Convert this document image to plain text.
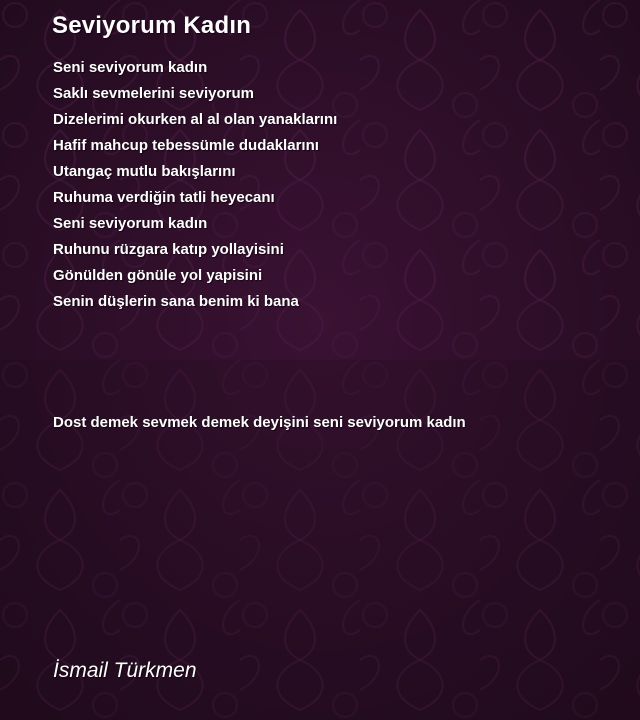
Seviyorum Kadın
Seni seviyorum kadın
Saklı sevmelerini seviyorum
Dizelerimi okurken al al olan yanaklarını
Hafif mahcup tebessümle dudaklarını
Utangaç mutlu bakışlarını
Ruhuma verdiğin tatli heyecanı
Seni seviyorum kadın
Ruhunu rüzgara katıp yollayisini
Gönülden gönüle yol yapisini
Senin düşlerin sana benim ki bana
Dost demek sevmek demek deyişini seni seviyorum kadın
İsmail Türkmen
